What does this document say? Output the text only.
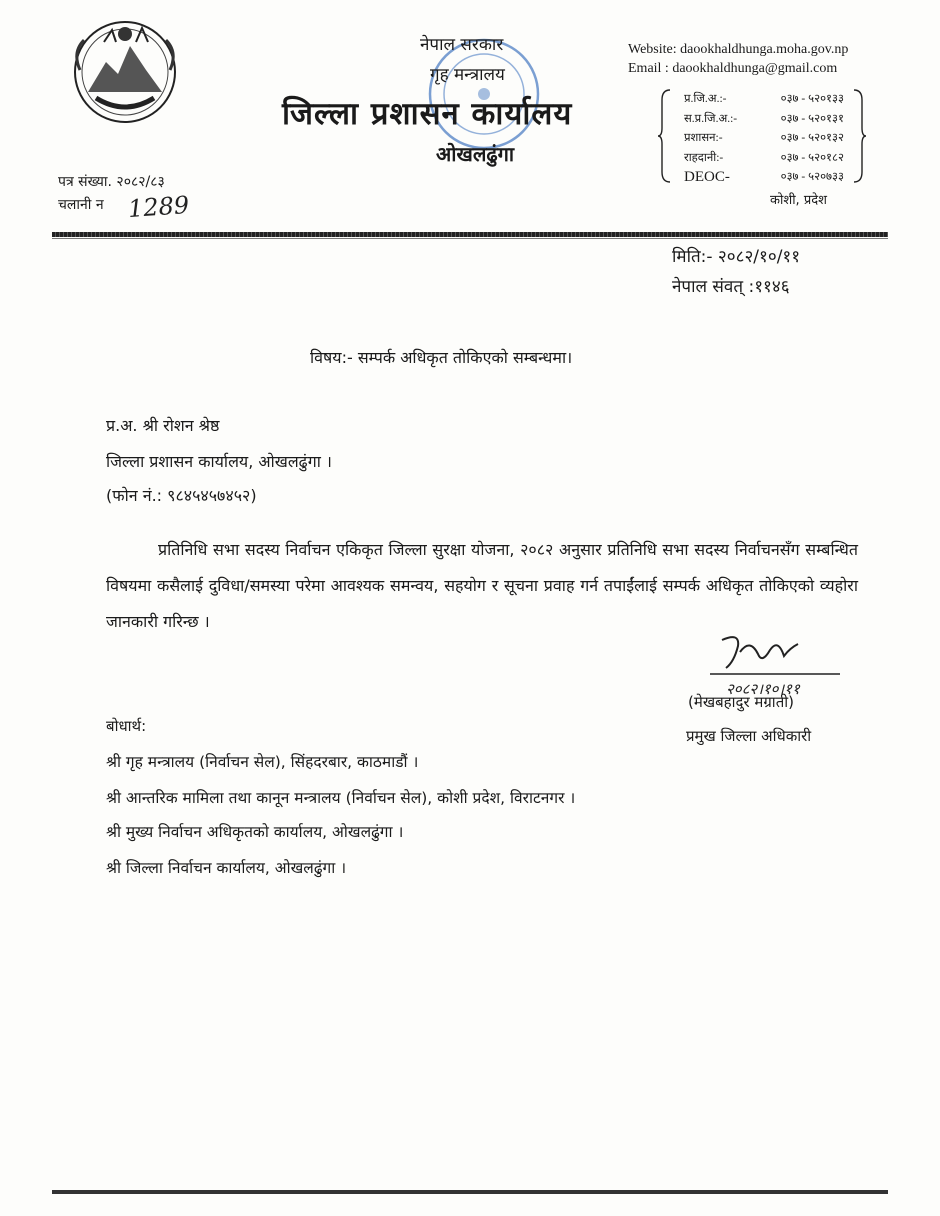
नेपाल सरकार
गृह मन्त्रालय
जिल्ला प्रशासन कार्यालय
ओखलढुंगा
Website: daookhaldhunga.moha.gov.np
Email : daookhaldhunga@gmail.com
प्र.जि.अ.:-	०३७ - ५२०१३३
स.प्र.जि.अ.:-	०३७ - ५२०१३१
प्रशासन:-	०३७ - ५२०१३२
राहदानी:-	०३७ - ५२०१८२
DEOC-	०३७ - ५२०७३३
कोशी, प्रदेश
पत्र संख्या. २०८२/८३
चलानी न 1289
मिति:- २०८२/१०/११
नेपाल संवत् :११४६
विषय:- सम्पर्क अधिकृत तोकिएको सम्बन्धमा।
प्र.अ. श्री रोशन श्रेष्ठ
जिल्ला प्रशासन कार्यालय, ओखलढुंगा ।
(फोन नं.: ९८४५४५७४५२)
प्रतिनिधि सभा सदस्य निर्वाचन एकिकृत जिल्ला सुरक्षा योजना, २०८२ अनुसार प्रतिनिधि सभा सदस्य निर्वाचनसँग सम्बन्धित विषयमा कसैलाई दुविधा/समस्या परेमा आवश्यक समन्वय, सहयोग र सूचना प्रवाह गर्न तपाईंलाई सम्पर्क अधिकृत तोकिएको व्यहोरा जानकारी गरिन्छ ।
२०८२।१०।११
(मेखबहादुर मग्राती)
प्रमुख जिल्ला अधिकारी
बोधार्थ:
श्री गृह मन्त्रालय (निर्वाचन सेल), सिंहदरबार, काठमाडौं ।
श्री आन्तरिक मामिला तथा कानून मन्त्रालय (निर्वाचन सेल), कोशी प्रदेश, विराटनगर ।
श्री मुख्य निर्वाचन अधिकृतको कार्यालय, ओखलढुंगा ।
श्री जिल्ला निर्वाचन कार्यालय, ओखलढुंगा ।
